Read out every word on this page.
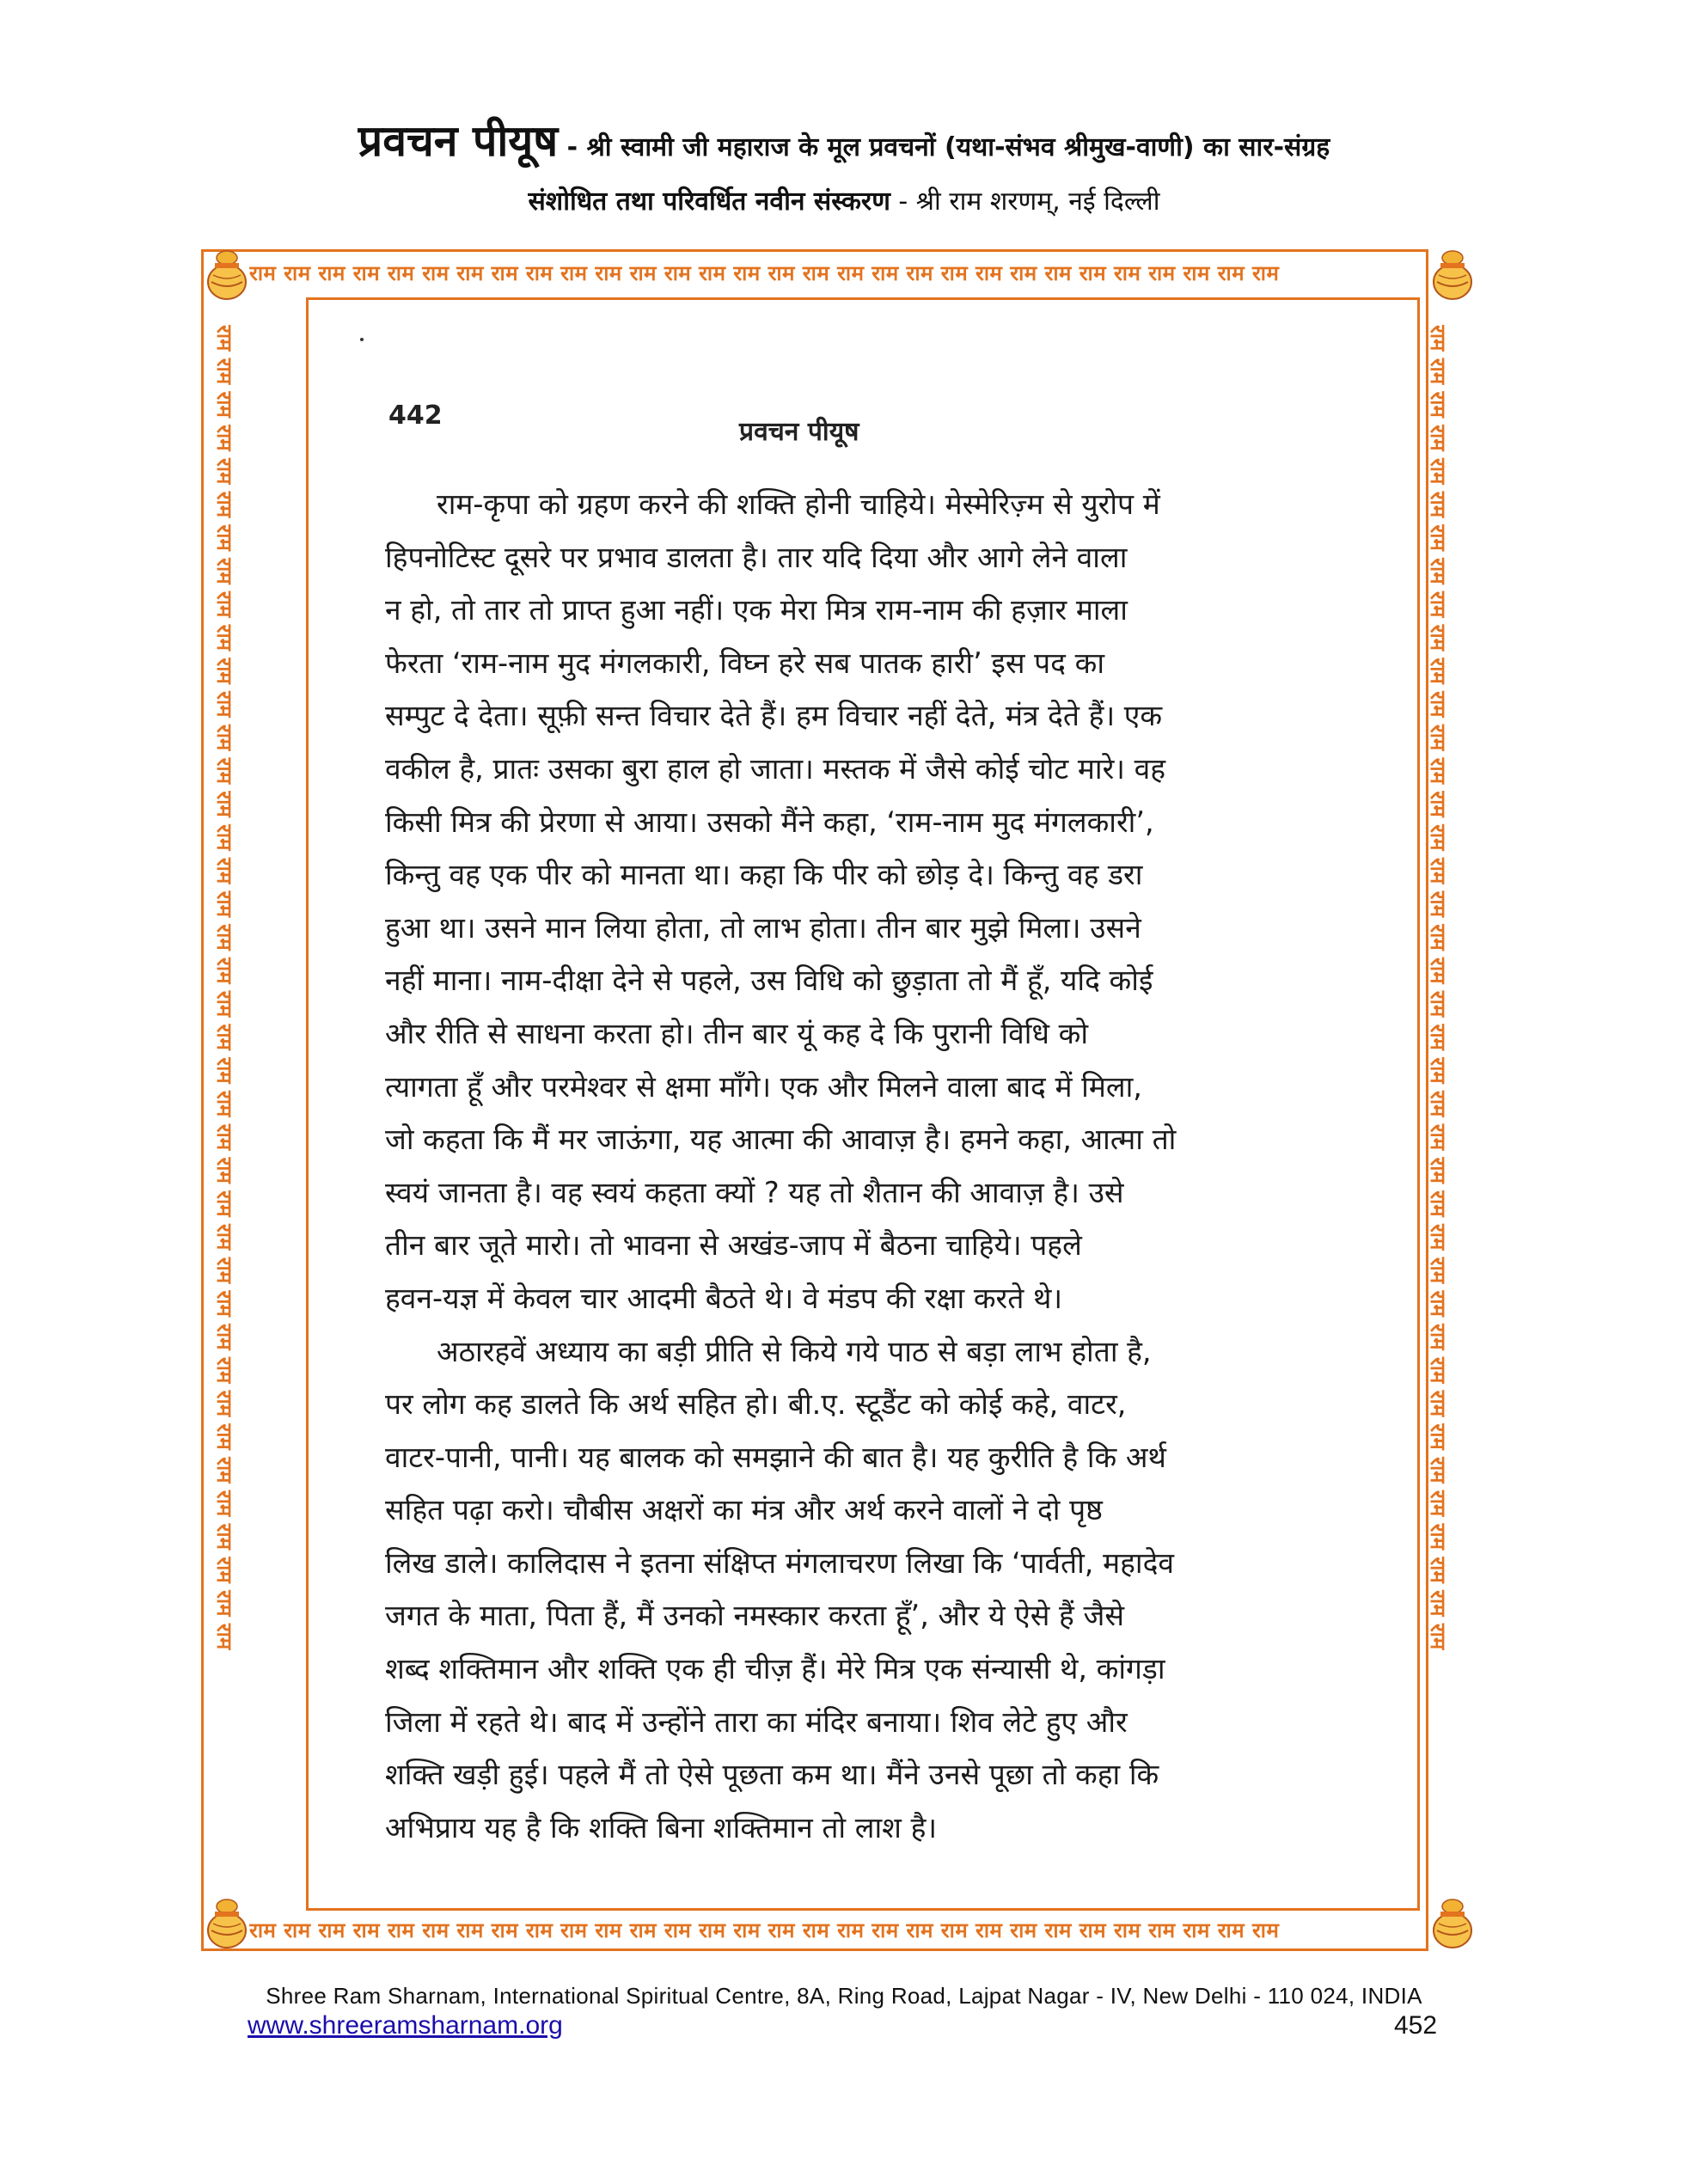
प्रवचन पीयूष - श्री स्वामी जी महाराज के मूल प्रवचनों (यथा-संभव श्रीमुख-वाणी) का सार-संग्रह
संशोधित तथा परिवर्धित नवीन संस्करण - श्री राम शरणम्, नई दिल्ली
राम राम राम राम राम राम राम राम राम राम राम राम राम राम राम राम राम राम राम राम राम राम राम राम राम राम राम राम राम राम
राम राम राम राम राम राम राम राम राम राम राम राम राम राम राम राम राम राम राम राम राम राम राम राम राम राम राम राम राम राम
राम राम राम राम राम राम राम राम राम राम राम राम राम राम राम राम राम राम राम राम राम राम राम राम राम राम राम राम राम राम राम राम राम राम राम राम राम राम राम राम	राम राम राम राम राम राम राम राम राम राम राम राम राम राम राम राम राम राम राम राम राम राम राम राम राम राम राम राम राम राम राम राम राम राम राम राम राम राम राम राम
442
प्रवचन पीयूष
राम-कृपा को ग्रहण करने की शक्ति होनी चाहिये। मेस्मेरिज़्म से युरोप में
हिपनोटिस्ट दूसरे पर प्रभाव डालता है। तार यदि दिया और आगे लेने वाला
न हो, तो तार तो प्राप्त हुआ नहीं। एक मेरा मित्र राम-नाम की हज़ार माला
फेरता ‘राम-नाम मुद मंगलकारी, विघ्न हरे सब पातक हारी’ इस पद का
सम्पुट दे देता। सूफ़ी सन्त विचार देते हैं। हम विचार नहीं देते, मंत्र देते हैं। एक
वकील है, प्रातः उसका बुरा हाल हो जाता। मस्तक में जैसे कोई चोट मारे। वह
किसी मित्र की प्रेरणा से आया। उसको मैंने कहा, ‘राम-नाम मुद मंगलकारी’,
किन्तु वह एक पीर को मानता था। कहा कि पीर को छोड़ दे। किन्तु वह डरा
हुआ था। उसने मान लिया होता, तो लाभ होता। तीन बार मुझे मिला। उसने
नहीं माना। नाम-दीक्षा देने से पहले, उस विधि को छुड़ाता तो मैं हूँ, यदि कोई
और रीति से साधना करता हो। तीन बार यूं कह दे कि पुरानी विधि को
त्यागता हूँ और परमेश्वर से क्षमा माँगे। एक और मिलने वाला बाद में मिला,
जो कहता कि मैं मर जाऊंगा, यह आत्मा की आवाज़ है। हमने कहा, आत्मा तो
स्वयं जानता है। वह स्वयं कहता क्यों ? यह तो शैतान की आवाज़ है। उसे
तीन बार जूते मारो। तो भावना से अखंड-जाप में बैठना चाहिये। पहले
हवन-यज्ञ में केवल चार आदमी बैठते थे। वे मंडप की रक्षा करते थे।
अठारहवें अध्याय का बड़ी प्रीति से किये गये पाठ से बड़ा लाभ होता है,
पर लोग कह डालते कि अर्थ सहित हो। बी.ए. स्टूडैंट को कोई कहे, वाटर,
वाटर-पानी, पानी। यह बालक को समझाने की बात है। यह कुरीति है कि अर्थ
सहित पढ़ा करो। चौबीस अक्षरों का मंत्र और अर्थ करने वालों ने दो पृष्ठ
लिख डाले। कालिदास ने इतना संक्षिप्त मंगलाचरण लिखा कि ‘पार्वती, महादेव
जगत के माता, पिता हैं, मैं उनको नमस्कार करता हूँ’, और ये ऐसे हैं जैसे
शब्द शक्तिमान और शक्ति एक ही चीज़ हैं। मेरे मित्र एक संन्यासी थे, कांगड़ा
जिला में रहते थे। बाद में उन्होंने तारा का मंदिर बनाया। शिव लेटे हुए और
शक्ति खड़ी हुई। पहले मैं तो ऐसे पूछता कम था। मैंने उनसे पूछा तो कहा कि
अभिप्राय यह है कि शक्ति बिना शक्तिमान तो लाश है।
Shree Ram Sharnam, International Spiritual Centre, 8A, Ring Road, Lajpat Nagar - IV, New Delhi - 110 024, INDIA
www.shreeramsharnam.org	452
